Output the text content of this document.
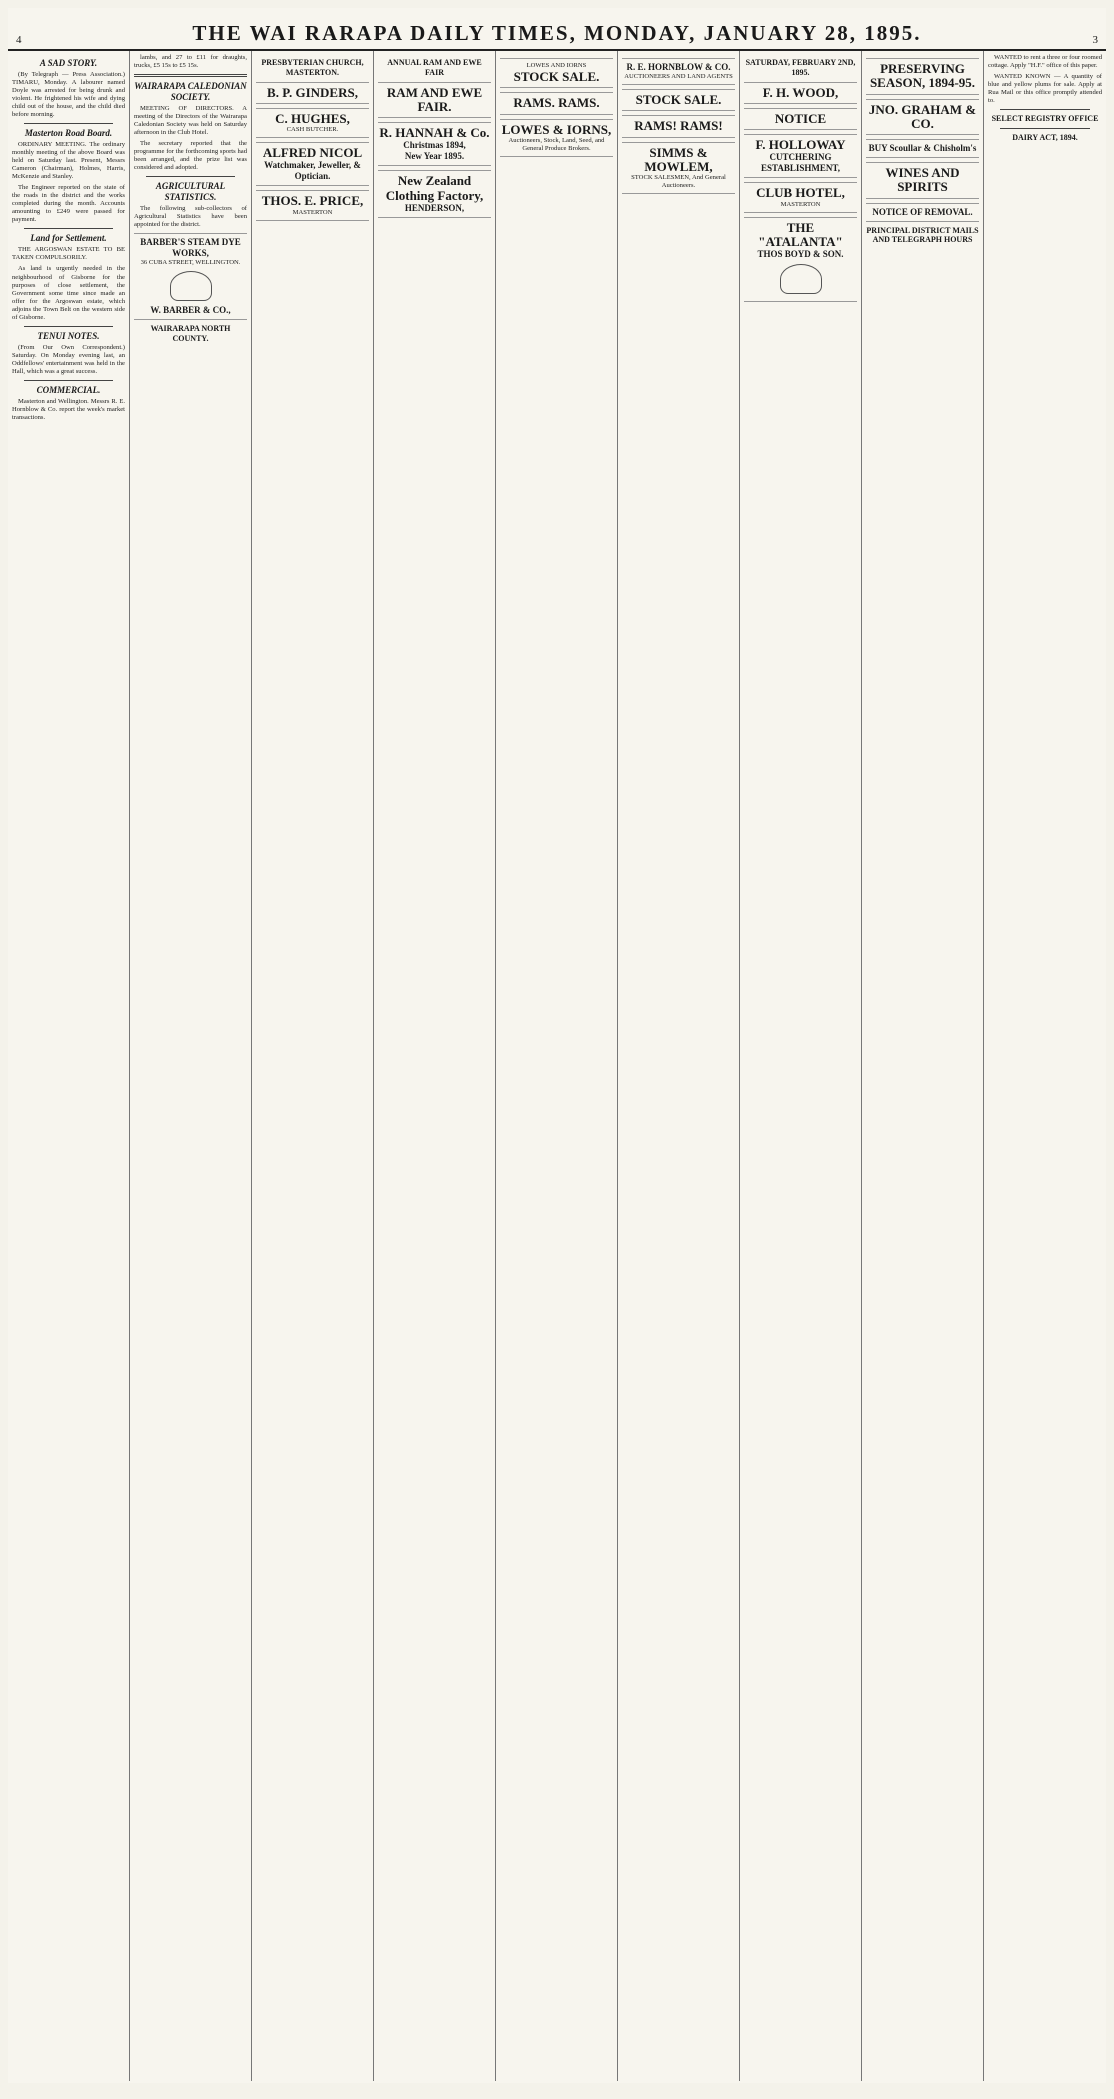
4	THE WAI RARAPA DAILY TIMES, MONDAY, JANUARY 28, 1895.	3
A SAD STORY.

(By Telegraph — Press Association.) TIMARU, Monday. A labourer named Doyle was arrested for being drunk and violent. He frightened his wife and dying child out of the house, and the child died before morning.

Masterton Road Board.

ORDINARY MEETING. The ordinary monthly meeting of the above Board was held on Saturday last. Present, Messrs Cameron (Chairman), Holmes, Harris, McKenzie and Stanley.

The Engineer reported on the state of the roads in the district and the works completed during the month. Accounts amounting to £249 were passed for payment.

Land for Settlement.

THE ARGOSWAN ESTATE TO BE TAKEN COMPULSORILY.

As land is urgently needed in the neighbourhood of Gisborne for the purposes of close settlement, the Government some time since made an offer for the Argoswan estate, which adjoins the Town Belt on the western side of Gisborne.

TENUI NOTES.

(From Our Own Correspondent.) Saturday. On Monday evening last, an Oddfellows' entertainment was held in the Hall, which was a great success.

COMMERCIAL.

Masterton and Wellington. Messrs R. E. Hornblow & Co. report the week's market transactions.

lambs, and 27 to £11 for draughts, trucks, £5 15s to £5 15s.

WAIRARAPA CALEDONIAN SOCIETY.

MEETING OF DIRECTORS. A meeting of the Directors of the Wairarapa Caledonian Society was held on Saturday afternoon in the Club Hotel.

The secretary reported that the programme for the forthcoming sports had been arranged, and the prize list was considered and adopted.

AGRICULTURAL STATISTICS.

The following sub-collectors of Agricultural Statistics have been appointed for the district.

BARBER'S STEAM DYE WORKS,
36 CUBA STREET, WELLINGTON.
W. BARBER & CO.,
WAIRARAPA NORTH COUNTY.
PRESBYTERIAN CHURCH, MASTERTON.
B. P. GINDERS,
C. HUGHES,
CASH BUTCHER.
ALFRED NICOL
Watchmaker, Jeweller, & Optician.
THOS. E. PRICE,
MASTERTON
ANNUAL RAM AND EWE FAIR
RAM AND EWE FAIR.
R. HANNAH & Co.
Christmas 1894,
New Year 1895.
New Zealand Clothing Factory,
HENDERSON,
LOWES AND IORNS
STOCK SALE.
RAMS. RAMS.
LOWES & IORNS,
Auctioneers, Stock, Land, Seed, and General Produce Brokers.
R. E. HORNBLOW & CO.
AUCTIONEERS AND LAND AGENTS
STOCK SALE.
RAMS! RAMS!
SIMMS & MOWLEM,
STOCK SALESMEN, And General Auctioneers.
SATURDAY, FEBRUARY 2ND, 1895.
F. H. WOOD,
NOTICE
F. HOLLOWAY
CUTCHERING ESTABLISHMENT,
CLUB HOTEL,
MASTERTON
THE "ATALANTA"
THOS BOYD & SON.
PRESERVING SEASON, 1894-95.
JNO. GRAHAM & CO.
BUY Scoullar & Chisholm's
WINES AND SPIRITS
NOTICE OF REMOVAL.
PRINCIPAL DISTRICT MAILS AND TELEGRAPH HOURS

WANTED to rent a three or four roomed cottage. Apply "H.F." office of this paper.

WANTED KNOWN — A quantity of blue and yellow plums for sale. Apply at Rua Mail or this office promptly attended to.

SELECT REGISTRY OFFICE
DAIRY ACT, 1894.
